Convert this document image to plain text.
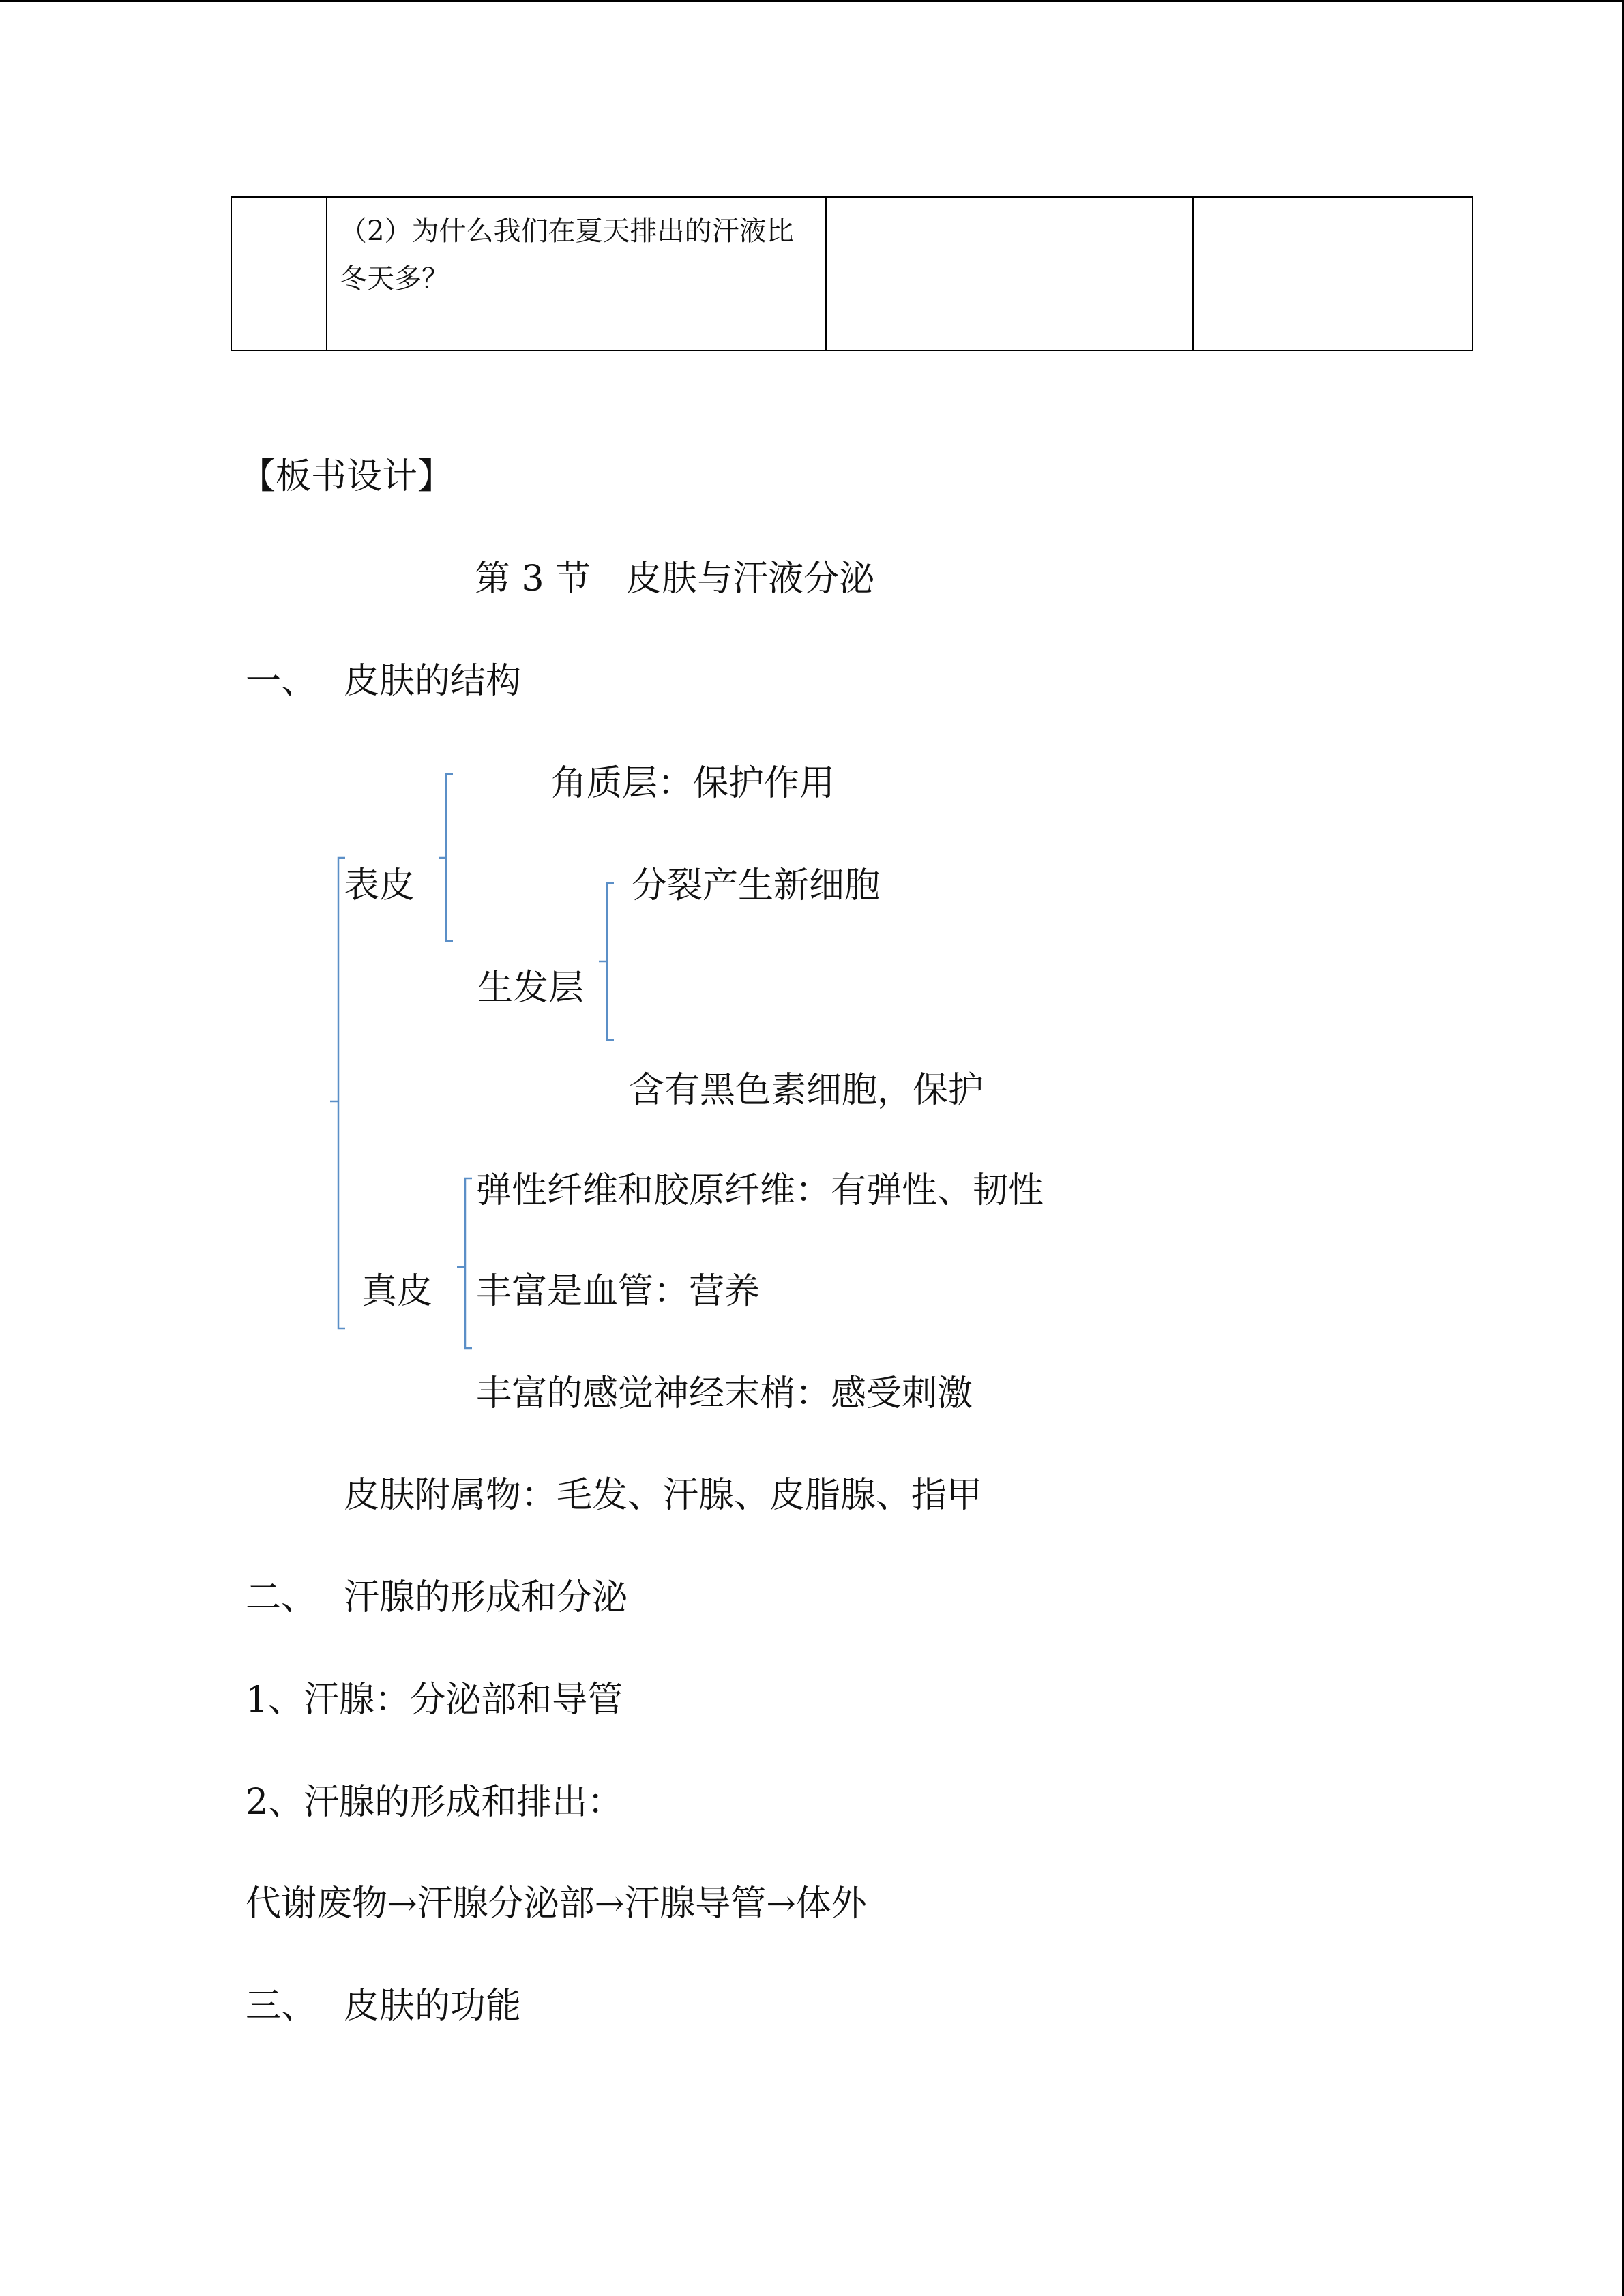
（2）为什么我们在夏天排出的汗液比冬天多？

【板书设计】
第 3 节　皮肤与汗液分泌
一、 皮肤的结构
角质层：保护作用
表皮	分裂产生新细胞
生发层
含有黑色素细胞，保护
弹性纤维和胶原纤维：有弹性、韧性
真皮 丰富是血管：营养
丰富的感觉神经末梢：感受刺激
皮肤附属物：毛发、汗腺、皮脂腺、指甲
二、 汗腺的形成和分泌
1、汗腺：分泌部和导管
2、汗腺的形成和排出：
代谢废物→汗腺分泌部→汗腺导管→体外
三、 皮肤的功能
